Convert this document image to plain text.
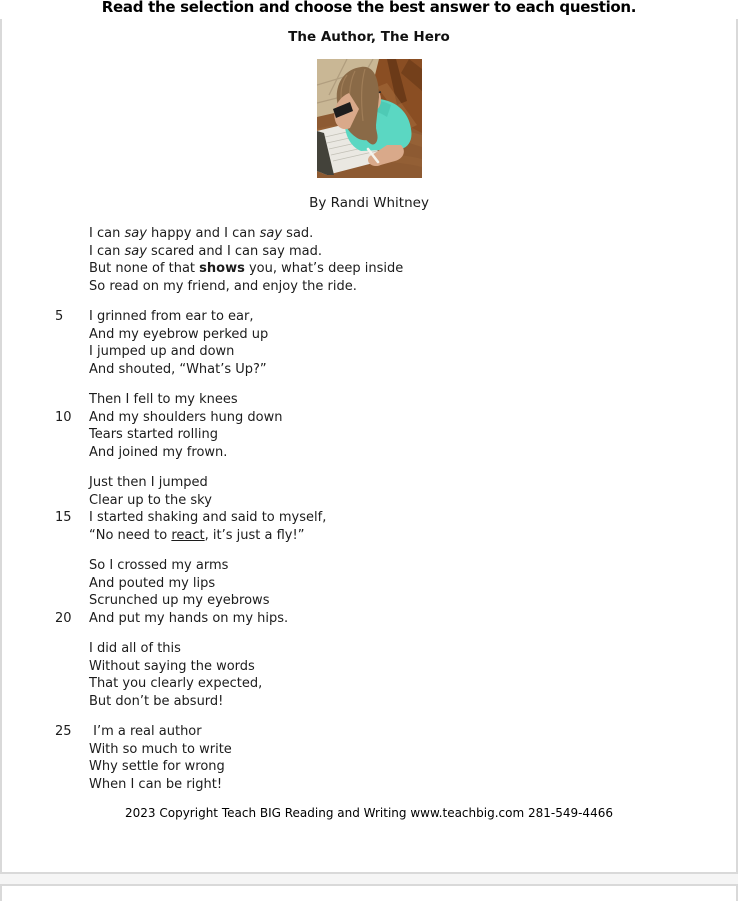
Read the selection and choose the best answer to each question.
The Author, The Hero
By Randi Whitney
I can say happy and I can say sad.
I can say scared and I can say mad.
But none of that shows you, what’s deep inside
So read on my friend, and enjoy the ride.
5	I grinned from ear to ear,
And my eyebrow perked up
I jumped up and down
And shouted, “What’s Up?”
Then I fell to my knees
10	And my shoulders hung down
Tears started rolling
And joined my frown.
Just then I jumped
Clear up to the sky
15	I started shaking and said to myself,
“No need to react, it’s just a fly!”
So I crossed my arms
And pouted my lips
Scrunched up my eyebrows
20	And put my hands on my hips.
I did all of this
Without saying the words
That you clearly expected,
But don’t be absurd!
25	I’m a real author
With so much to write
Why settle for wrong
When I can be right!
2023 Copyright Teach BIG Reading and Writing www.teachbig.com 281-549-4466
